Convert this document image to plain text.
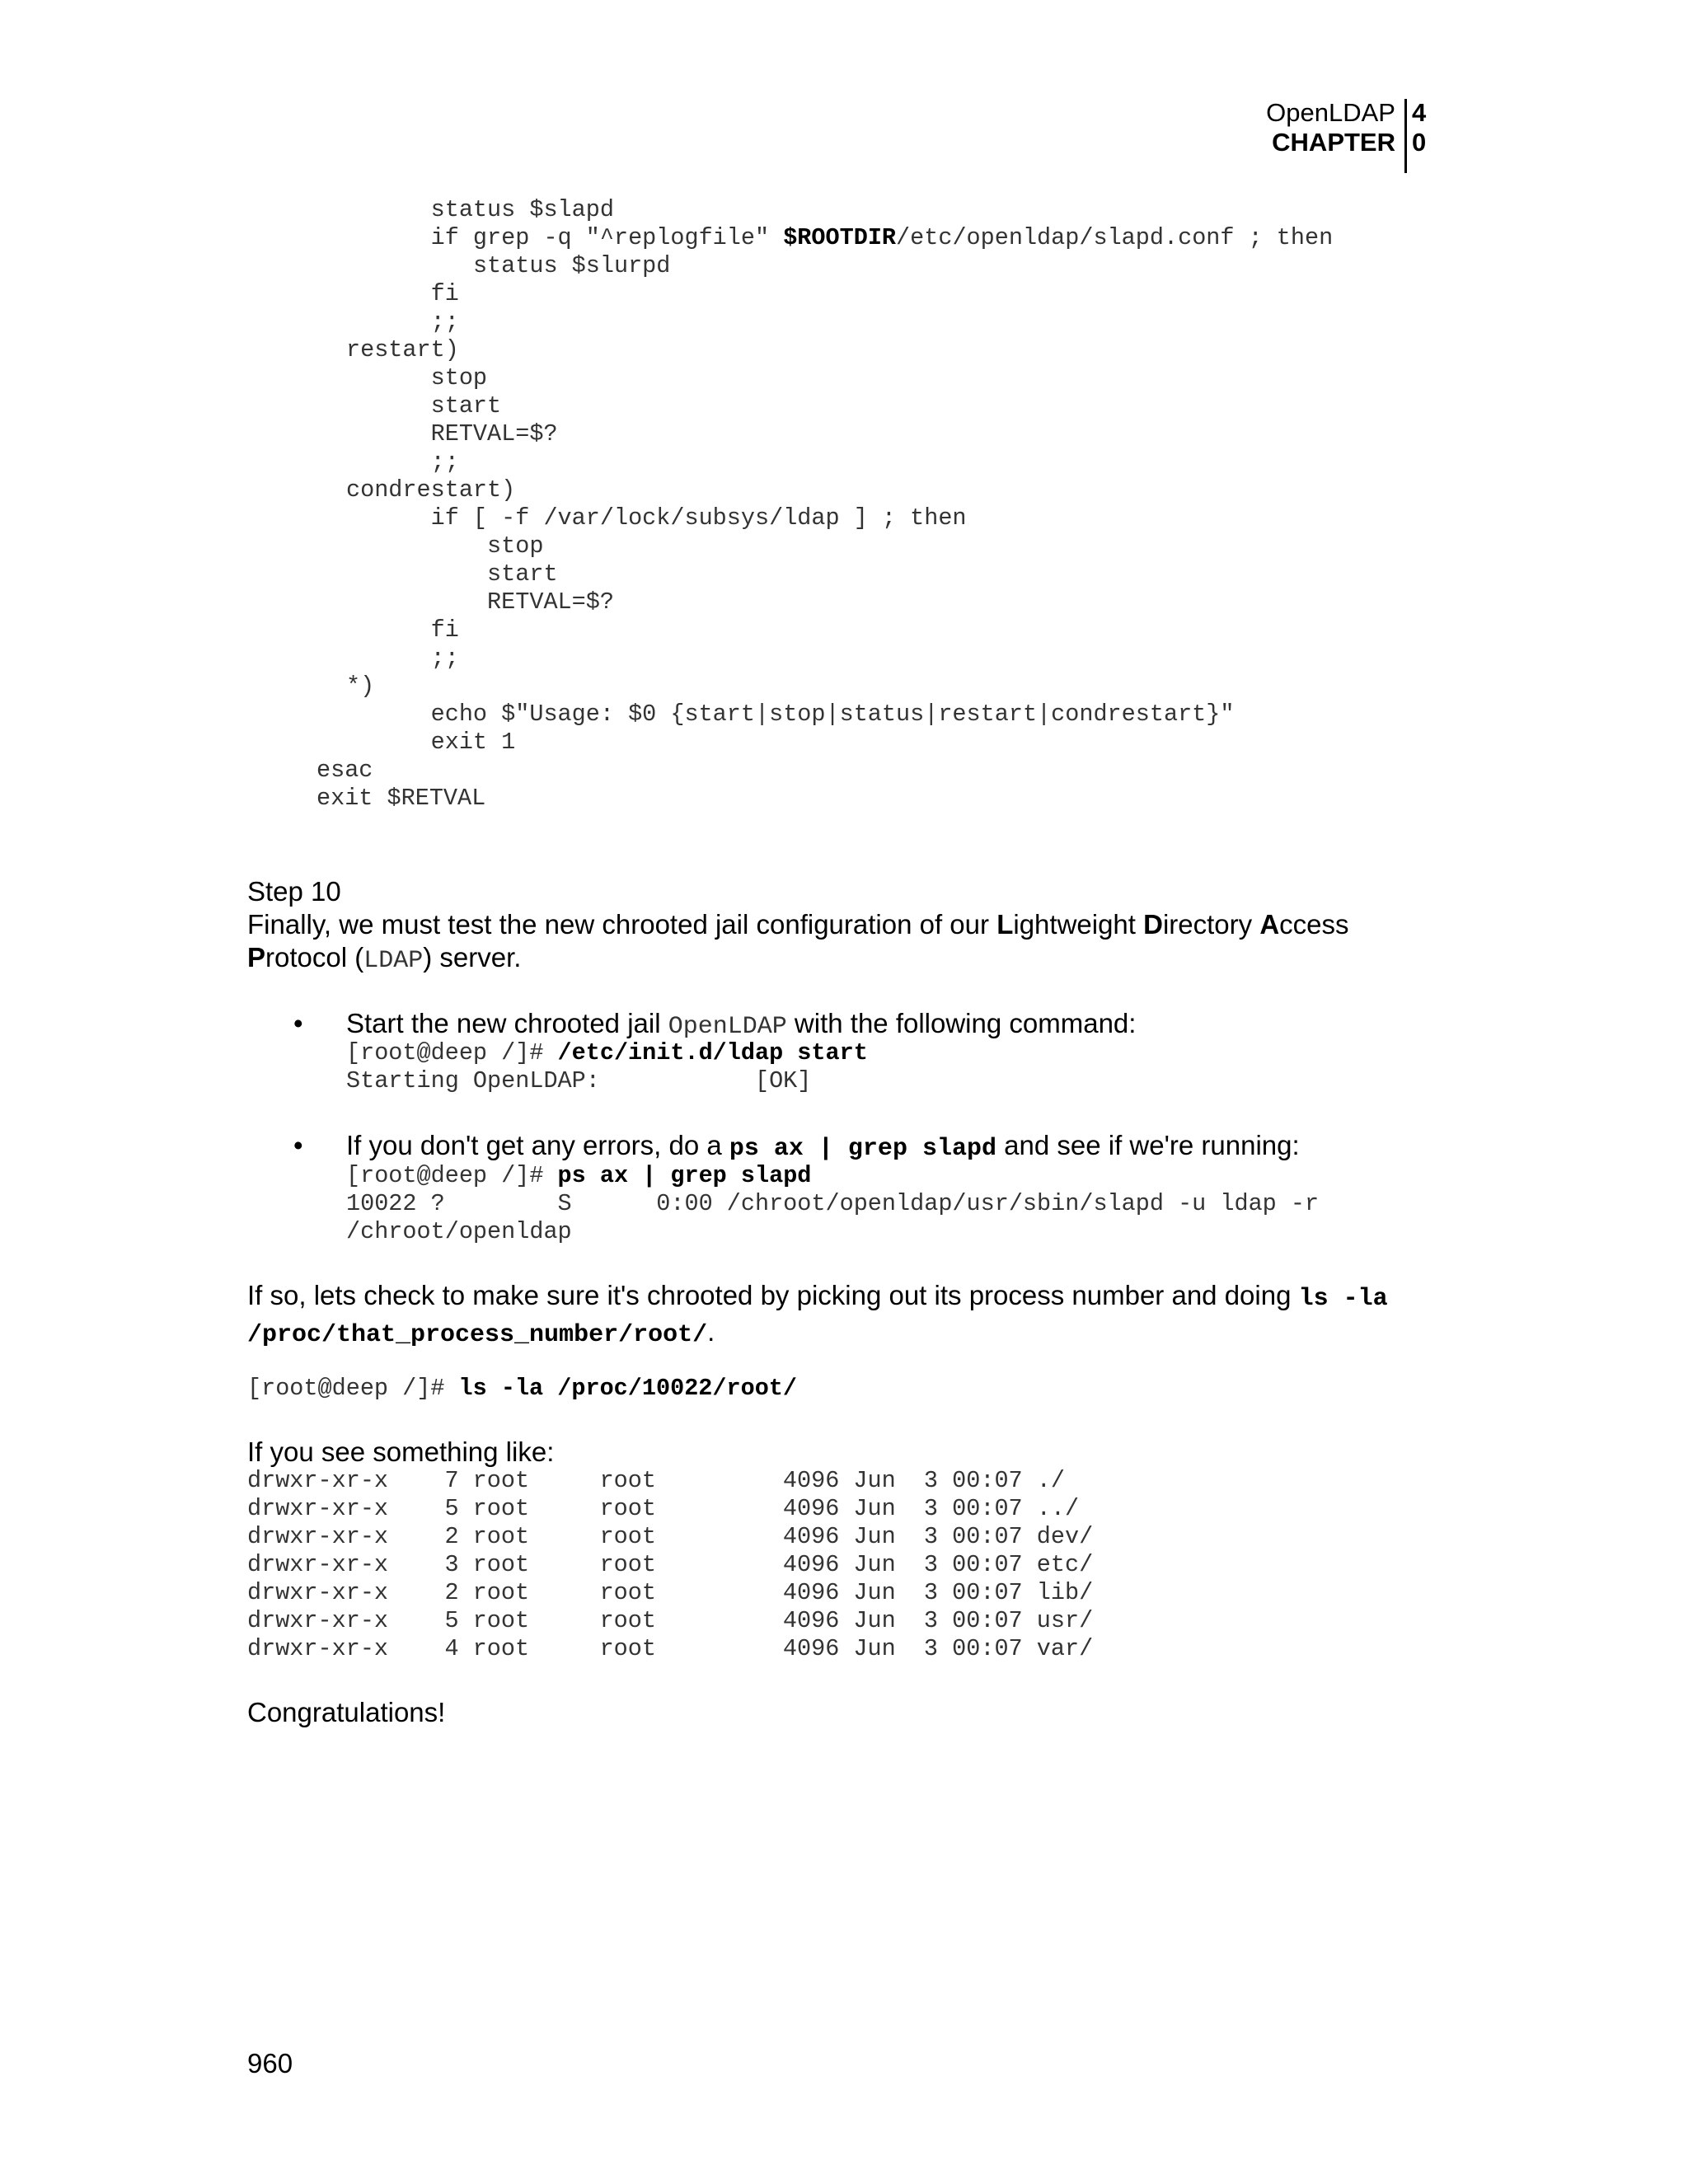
OpenLDAP
CHAPTER
4
0
status $slapd
if grep -q "^replogfile" $ROOTDIR/etc/openldap/slapd.conf ; then
status $slurpd
fi
;;
restart)
stop
start
RETVAL=$?
;;
condrestart)
if [ -f /var/lock/subsys/ldap ] ; then
stop
start
RETVAL=$?
fi
;;
*)
echo $"Usage: $0 {start|stop|status|restart|condrestart}"
exit 1
esac
exit $RETVAL
Step 10
Finally, we must test the new chrooted jail configuration of our Lightweight Directory Access
Protocol (LDAP) server.
• Start the new chrooted jail OpenLDAP with the following command:
[root@deep /]# /etc/init.d/ldap start
Starting OpenLDAP:           [OK]
• If you don't get any errors, do a ps ax | grep slapd and see if we're running:
[root@deep /]# ps ax | grep slapd
10022 ?        S      0:00 /chroot/openldap/usr/sbin/slapd -u ldap -r
/chroot/openldap
If so, lets check to make sure it's chrooted by picking out its process number and doing ls -la
/proc/that_process_number/root/.
[root@deep /]# ls -la /proc/10022/root/
If you see something like:
drwxr-xr-x    7 root     root         4096 Jun  3 00:07 ./
drwxr-xr-x    5 root     root         4096 Jun  3 00:07 ../
drwxr-xr-x    2 root     root         4096 Jun  3 00:07 dev/
drwxr-xr-x    3 root     root         4096 Jun  3 00:07 etc/
drwxr-xr-x    2 root     root         4096 Jun  3 00:07 lib/
drwxr-xr-x    5 root     root         4096 Jun  3 00:07 usr/
drwxr-xr-x    4 root     root         4096 Jun  3 00:07 var/
Congratulations!
960
